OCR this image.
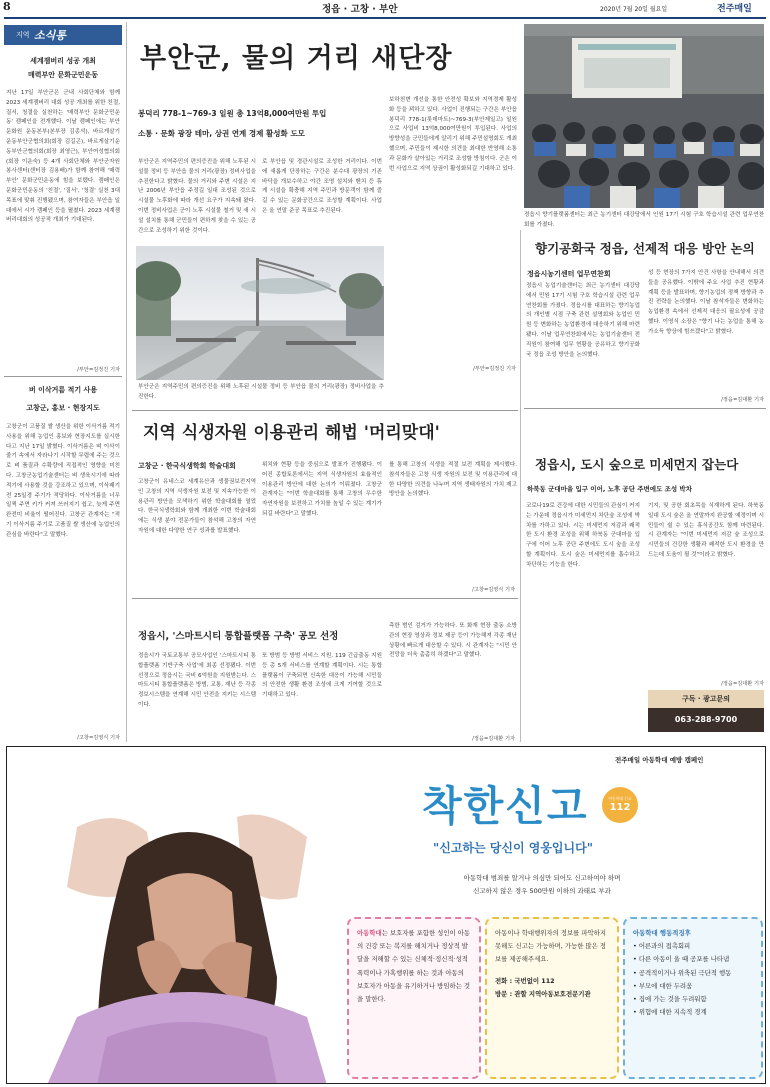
8	정읍 · 고창 · 부안	2020년 7월 20일 월요일	전주매일
지역 소식통
세계잼버리 성공 개최
매력부안 문화군민운동
지난 17일 부안군은 군내 사회단체와 함께 2023 세계잼버리 대회 성공 개최를 위한 친절, 질서, 청결을 실천하는 '매력부안 문화군민운동' 캠페인을 전개했다. 이날 캠페인에는 부안문화원 운동본부(본부장 김종석), 바르게살기운동부안군협의회(회장 김길곤), 바르게살기운동부안군협의회(회장 최영근), 부안여성협의회(회장 이운숙) 등 4개 사회단체와 부안군자원봉사센터(센터장 김용배)가 함께 참여해 '매력부안' 문화군민운동에 힘을 보탰다. 캠페인은 문화군민운동의 '친절', '질서', '청결' 실천 3대 목표에 맞춰 진행됐으며, 참여자들은 부안읍 일대에서 시가 캠페인 등을 펼쳤다. 2023 세계잼버리대회의 성공적 개최가 기대된다.
/부안=김정진 기자
버 이삭거름 적기 사용
고창군, 홍보 · 현장지도
고창군이 고품질 쌀 생산을 위한 이삭거름 적기 사용을 위해 농업인 홍보와 현장지도를 실시한다고 지난 17일 밝혔다. 이삭거름은 벼 이삭이 줄기 속에서 자라나기 시작할 무렵에 주는 것으로 벼 품질과 수확량에 직접적인 영향을 미친다. 고창군농업기술센터는 벼 생육시기에 따라 적기에 사용할 것을 강조하고 있으며, 이삭패기 전 25일경 주기가 적당하다. 이삭거름을 너무 일찍 주면 키가 커져 쓰러지기 쉽고, 늦게 주면 완전미 비율이 떨어진다. 고창군 관계자는 "적기 이삭거름 주기로 고품질 쌀 생산에 농업인의 관심을 바란다"고 말했다.
/고창=김영식 기자
부안군, 물의 거리 새단장
봉덕리 778-1~769-3 일원 총 13억8,000여만원 투입
소통 · 문화 광장 테마, 상권 연계 경제 활성화 도모
부안군은 지역주민의 편의증진을 위해 노후된 시설물 정비 등 부안읍 물의 거리(광장) 정비사업을 추진한다고 밝혔다. 물의 거리와 주변 시설은 지난 2006년 부안읍 주정길 일대 조성된 것으로 시설물 노후화에 따라 개선 요구가 지속돼 왔다. 이번 정비사업은 군이 노후 시설물 철거 및 새 시설 설치를 통해 군민들이 편하게 찾을 수 있는 공간으로 조성하기 위한 것이다.
로 부안읍 및 경관시설로 조성한 거리이다. 이번에 새롭게 단장하는 구간은 분수대 광장의 기존 바닥을 개보수하고 야간 조명 설치와 벤치 등 휴게 시설을 확충해 지역 주민과 방문객이 함께 즐길 수 있는 문화공간으로 조성할 계획이다. 사업은 올 연말 준공 목표로 추진된다.
보하천변 개선을 통한 안전성 확보와 지역경제 활성화 등을 꾀하고 있다. 사업이 진행되는 구간은 부안읍 봉덕리 778-1(롯데마트)~769-3(부안제일고) 일원으로 사업비 13억8,000여만원이 투입된다. 사업의 방향성을 군민들에게 알리기 위해 주민설명회도 개최했으며, 주민들이 제시한 의견을 최대한 반영해 소통과 문화가 살아있는 거리로 조성할 방침이다. 군은 이번 사업으로 지역 상권이 활성화되길 기대하고 있다.
부안군은 지역주민의 편의증진을 위해 노후된 시설물 정비 등 부안읍 물의 거리(광장) 정비사업을 추진한다.
/부안=김정진 기자
정읍시 향기플랫폼센터는 최근 농기센터 대강당에서 인원 17기 시험 구호 학습시설 관련 업무연찬회를 가졌다.
향기공화국 정읍, 선제적 대응 방안 논의
정읍시농기센터 업무연찬회
정읍시 농업기술센터는 최근 농기센터 대강당에서 민원 17기 시험 구호 학습시설 관련 업무연찬회를 가졌다. 정읍시를 대표하는 향기농업의 개인별 시점 구축 관련 설명회와 농업인 민원 등 변화하는 농업환경에 대응하기 위해 마련됐다. 이날 업무연찬회에서는 농업기술센터 전 직원이 참여해 업무 현황을 공유하고 향기공화국 정읍 조성 방안을 논의했다.
성 등 현장의 7가지 안건 사항을 안내해서 의견들을 공유했다. 이밖에 주요 사업 추진 현황과 계획 등을 발표하며, 향기농업의 정책 방향과 추진 전략을 논의했다. 이날 참석자들은 변화하는 농업환경 속에서 선제적 대응의 필요성에 공감했다. 이영식 소장은 "향기 나는 농업을 통해 농가소득 향상에 힘쓰겠다"고 밝혔다.
/정읍=김대환 기자
지역 식생자원 이용관리 해법 '머리맞대'
고창군 · 한국식생학회 학술대회
고창군이 유네스코 세계유산과 생물권보전지역인 고창의 지역 식생자원 보전 및 지속가능한 이용관리 방안을 모색하기 위한 학술대회를 열었다. 한국식생학회와 함께 개최한 이번 학술대회에는 식생 분야 전문가들이 참석해 고창의 자연자원에 대한 다양한 연구 성과를 발표했다.
위치와 현황 등을 중심으로 발표가 진행됐다. 이어진 종합토론에서는 지역 식생자원의 효율적인 이용관리 방안에 대한 논의가 이뤄졌다. 고창군 관계자는 "이번 학술대회를 통해 고창의 우수한 자연자원을 보전하고 가치를 높일 수 있는 계기가 되길 바란다"고 말했다.
를 통해 고창의 식생을 적절 보전 계획을 제시했다. 참석자들은 고창 식생 자원의 보전 및 이용관리에 대한 다양한 의견을 나누며 지역 생태자원의 가치 제고 방안을 논의했다.
/고창=김영식 기자
정읍시, '스마트시티 통합플랫폼 구축' 공모 선정
정읍시가 국토교통부 공모사업인 '스마트시티 통합플랫폼 기반구축 사업'에 최종 선정됐다. 이번 선정으로 정읍시는 국비 6억원을 지원받는다. 스마트시티 통합플랫폼은 방범, 교통, 재난 등 각종 정보시스템을 연계해 시민 안전을 지키는 시스템이다.
또 방범 등 방범 서비스 지원, 119 긴급출동 지원 등 총 5개 서비스를 연계할 계획이다. 시는 통합플랫폼이 구축되면 신속한 대응이 가능해 시민들의 안전한 생활 환경 조성에 크게 기여할 것으로 기대하고 있다.
측한 범인 검거가 가능하다. 또 화재 현장 출동 소방관의 현장 영상과 정보 제공 등이 가능해져 각종 재난 상황에 빠르게 대응할 수 있다. 시 관계자는 "시민 안전망을 더욱 촘촘히 하겠다"고 말했다.
/정읍=김대환 기자
정읍시, 도시 숲으로 미세먼지 잡는다
하북동 군대마을 입구 이어, 노후 공단 주변에도 조성 박차
코로나19로 건강에 대한 시민들의 관심이 커지는 가운데 정읍시가 미세먼지 차단숲 조성에 박차를 가하고 있다. 시는 미세먼지 저감과 쾌적한 도시 환경 조성을 위해 하북동 군대마을 입구에 이어 노후 공단 주변에도 도시 숲을 조성할 계획이다. 도시 숲은 미세먼지를 흡수하고 차단하는 기능을 한다.
기지, 및 공한 회초목을 식재하게 된다. 하북동 일대 도시 숲은 올 연말까지 완공할 예정이며 시민들이 쉴 수 있는 휴식공간도 함께 마련된다. 시 관계자는 "이번 미세먼지 저감 숲 조성으로 시민들의 건강한 생활과 쾌적한 도시 환경을 만드는데 도움이 될 것"이라고 밝혔다.
/정읍=김대환 기자
구독 · 광고문의
063-288-9700
전주매일 아동학대 예방 캠페인
착한신고	아동학대 신고
112
"신고하는 당신이 영웅입니다"
아동학대 범죄를 알거나 의심만 되어도 신고하여야 하며
신고하지 않은 경우 500만원 이하의 과태료 부과
아동학대는 보호자를 포함한 성인이 아동의 건강 또는 복지를 해치거나 정상적 발달을 저해할 수 있는 신체적·정신적·성적 폭력이나 가혹행위를 하는 것과 아동의 보호자가 아동을 유기하거나 방임하는 것을 말한다.
아동이나 학대행위자의 정보를 파악하지 못해도 신고는 가능하며, 가능한 많은 정보를 제공해주세요.
전화 : 국번없이 112
방문 : 관할 지역아동보호전문기관
아동학대 행동적징후
• 어른과의 접촉회피
• 다른 아동이 울 때 공포를 나타냄
• 공격적이거나 위축된 극단적 행동
• 부모에 대한 두려움
• 집에 가는 것을 두려워함
• 위험에 대한 지속적 경계
